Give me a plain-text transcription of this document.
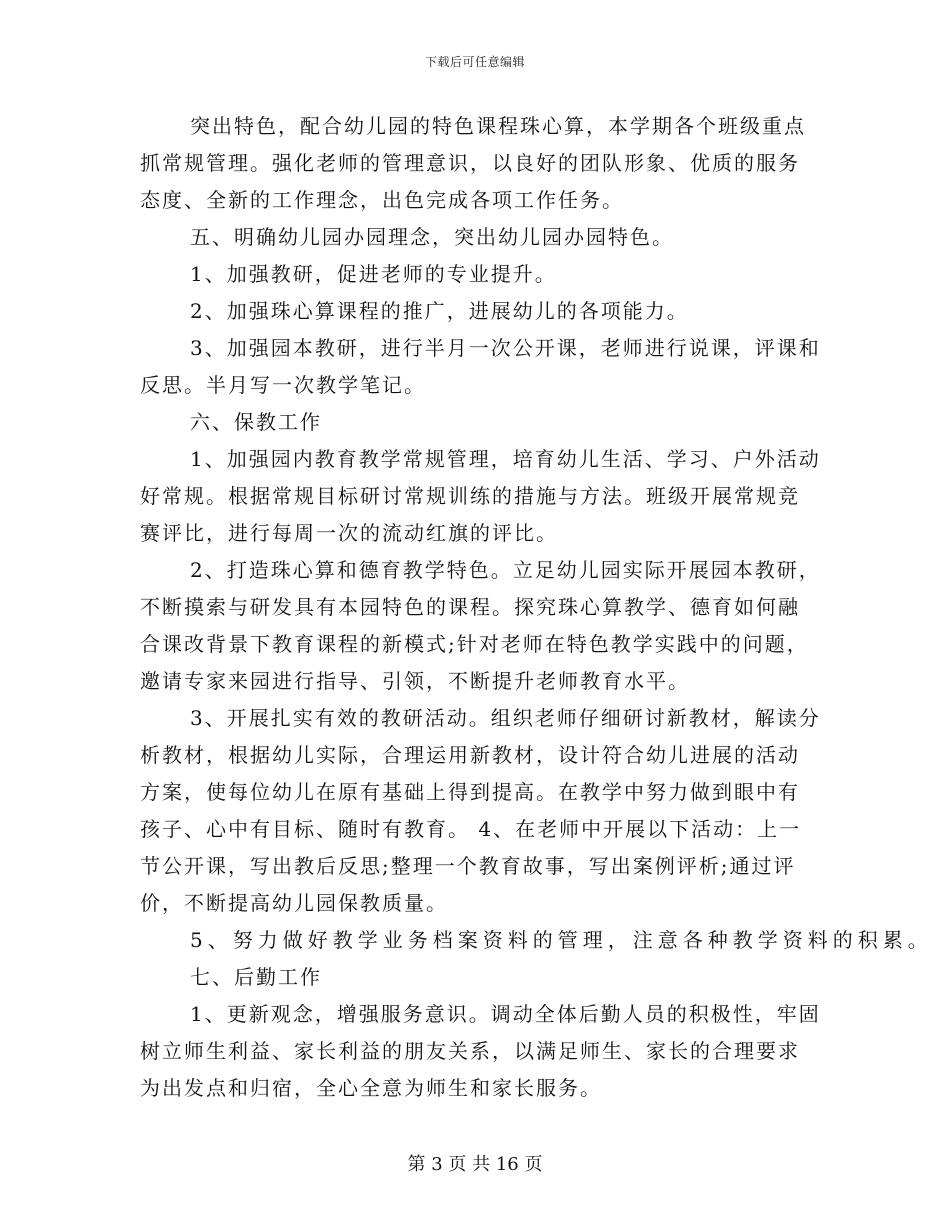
下载后可任意编辑
突出特色，配合幼儿园的特色课程珠心算，本学期各个班级重点
抓常规管理。强化老师的管理意识，以良好的团队形象、优质的服务
态度、全新的工作理念，出色完成各项工作任务。
五、明确幼儿园办园理念，突出幼儿园办园特色。
1、加强教研，促进老师的专业提升。
2、加强珠心算课程的推广，进展幼儿的各项能力。
3、加强园本教研，进行半月一次公开课，老师进行说课，评课和
反思。半月写一次教学笔记。
六、保教工作
1、加强园内教育教学常规管理，培育幼儿生活、学习、户外活动
好常规。根据常规目标研讨常规训练的措施与方法。班级开展常规竞
赛评比，进行每周一次的流动红旗的评比。
2、打造珠心算和德育教学特色。立足幼儿园实际开展园本教研，
不断摸索与研发具有本园特色的课程。探究珠心算教学、德育如何融
合课改背景下教育课程的新模式;针对老师在特色教学实践中的问题，
邀请专家来园进行指导、引领，不断提升老师教育水平。
3、开展扎实有效的教研活动。组织老师仔细研讨新教材，解读分
析教材，根据幼儿实际，合理运用新教材，设计符合幼儿进展的活动
方案，使每位幼儿在原有基础上得到提高。在教学中努力做到眼中有
孩子、心中有目标、随时有教育。 4、在老师中开展以下活动：上一
节公开课，写出教后反思;整理一个教育故事，写出案例评析;通过评
价，不断提高幼儿园保教质量。
5、努力做好教学业务档案资料的管理，注意各种教学资料的积累。
七、后勤工作
1、更新观念，增强服务意识。调动全体后勤人员的积极性，牢固
树立师生利益、家长利益的朋友关系，以满足师生、家长的合理要求
为出发点和归宿，全心全意为师生和家长服务。
第 3 页 共 16 页
